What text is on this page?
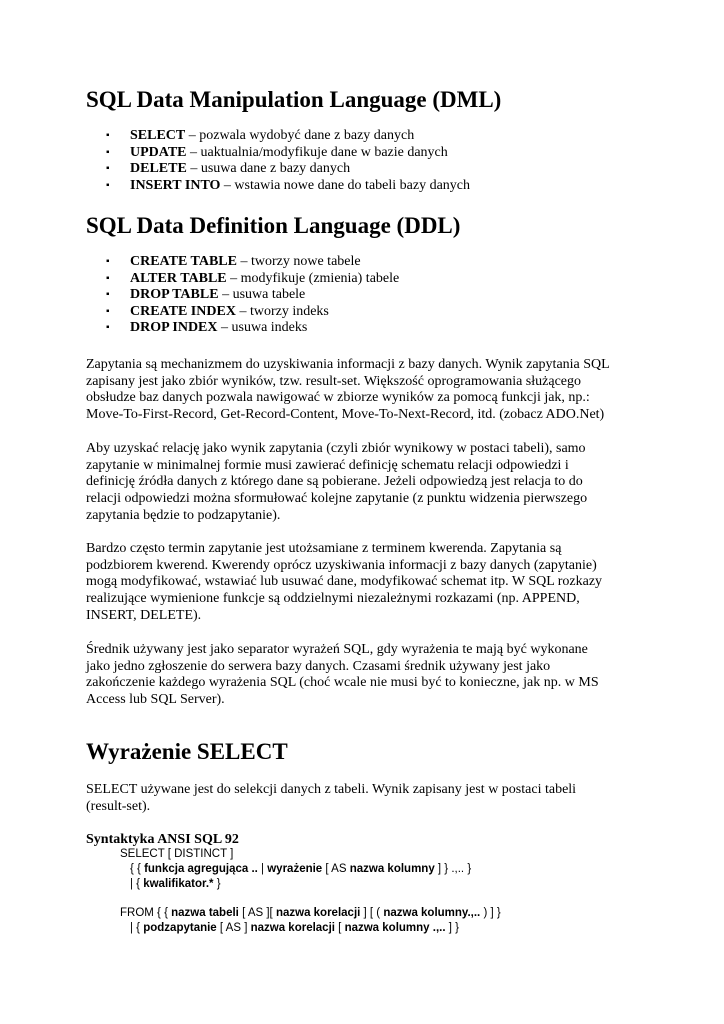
SQL Data Manipulation Language (DML)
▪ SELECT – pozwala wydobyć dane z bazy danych
▪ UPDATE – uaktualnia/modyfikuje dane w bazie danych
▪ DELETE – usuwa dane z bazy danych
▪ INSERT INTO – wstawia nowe dane do tabeli bazy danych
SQL Data Definition Language (DDL)
▪ CREATE TABLE – tworzy nowe tabele
▪ ALTER TABLE – modyfikuje (zmienia) tabele
▪ DROP TABLE – usuwa tabele
▪ CREATE INDEX – tworzy indeks
▪ DROP INDEX – usuwa indeks
Zapytania są mechanizmem do uzyskiwania informacji z bazy danych. Wynik zapytania SQL
zapisany jest jako zbiór wyników, tzw. result-set. Większość oprogramowania służącego
obsłudze baz danych pozwala nawigować w zbiorze wyników za pomocą funkcji jak, np.:
Move-To-First-Record, Get-Record-Content, Move-To-Next-Record, itd. (zobacz ADO.Net)
Aby uzyskać relację jako wynik zapytania (czyli zbiór wynikowy w postaci tabeli), samo
zapytanie w minimalnej formie musi zawierać definicję schematu relacji odpowiedzi i
definicję źródła danych z którego dane są pobierane. Jeżeli odpowiedzą jest relacja to do
relacji odpowiedzi można sformułować kolejne zapytanie (z punktu widzenia pierwszego
zapytania będzie to podzapytanie).
Bardzo często termin zapytanie jest utożsamiane z terminem kwerenda. Zapytania są
podzbiorem kwerend. Kwerendy oprócz uzyskiwania informacji z bazy danych (zapytanie)
mogą modyfikować, wstawiać lub usuwać dane, modyfikować schemat itp. W SQL rozkazy
realizujące wymienione funkcje są oddzielnymi niezależnymi rozkazami (np. APPEND,
INSERT, DELETE).
Średnik używany jest jako separator wyrażeń SQL, gdy wyrażenia te mają być wykonane
jako jedno zgłoszenie do serwera bazy danych. Czasami średnik używany jest jako
zakończenie każdego wyrażenia SQL (choć wcale nie musi być to konieczne, jak np. w MS
Access lub SQL Server).
Wyrażenie SELECT
SELECT używane jest do selekcji danych z tabeli. Wynik zapisany jest w postaci tabeli
(result-set).
Syntaktyka ANSI SQL 92
SELECT [ DISTINCT ]
{ { funkcja agregująca .. | wyrażenie [ AS nazwa kolumny ] } .,.. }
| { kwalifikator.* }
FROM { { nazwa tabeli [ AS ][ nazwa korelacji ] [ ( nazwa kolumny.,.. ) ] }
| { podzapytanie [ AS ] nazwa korelacji [ nazwa kolumny .,.. ] }
